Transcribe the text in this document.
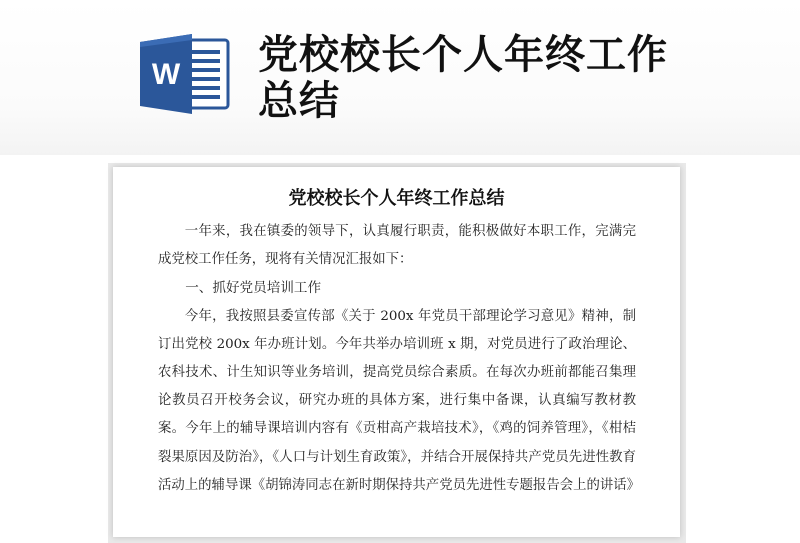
W 党校校长个人年终工作总结
党校校长个人年终工作总结

一年来，我在镇委的领导下，认真履行职责，能积极做好本职工作，完满完成党校工作任务，现将有关情况汇报如下：

一、抓好党员培训工作

今年，我按照县委宣传部《关于 200x 年党员干部理论学习意见》精神，制订出党校 200x 年办班计划。今年共举办培训班 x 期，对党员进行了政治理论、农科技术、计生知识等业务培训，提高党员综合素质。在每次办班前都能召集理论教员召开校务会议，研究办班的具体方案，进行集中备课，认真编写教材教案。今年上的辅导课培训内容有《贡柑高产栽培技术》，《鸡的饲养管理》，《柑桔裂果原因及防治》，《人口与计划生育政策》，并结合开展保持共产党员先进性教育活动上的辅导课《胡锦涛同志在新时期保持共产党员先进性专题报告会上的讲话》
